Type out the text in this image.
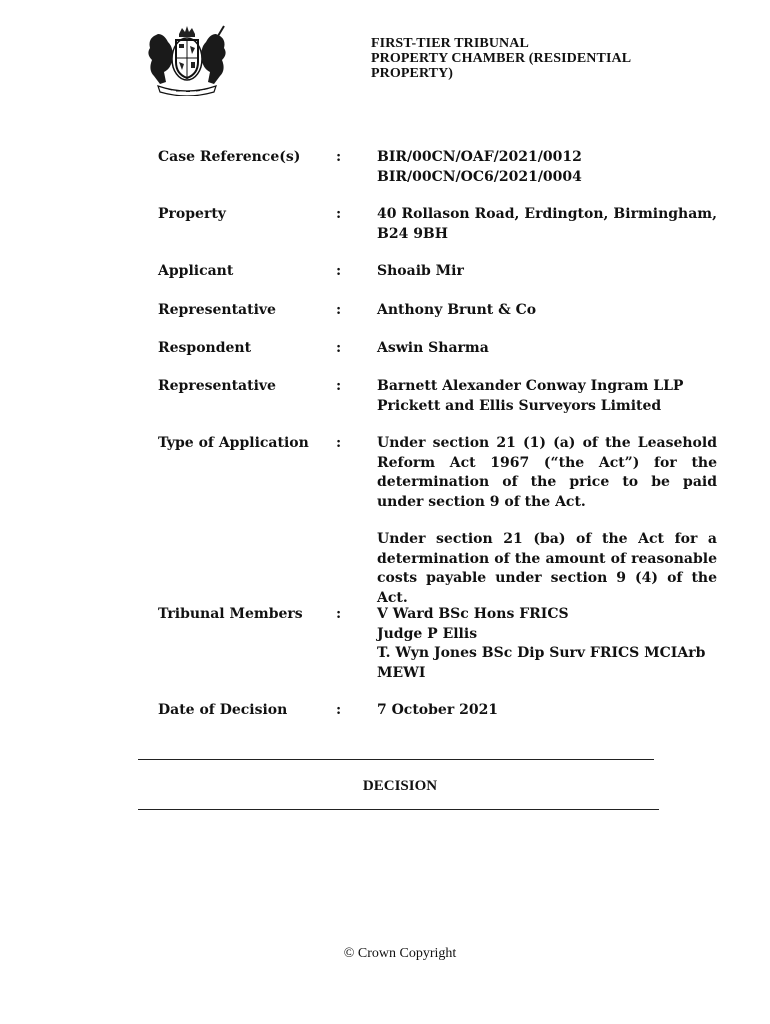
FIRST-TIER TRIBUNAL
PROPERTY CHAMBER (RESIDENTIAL
PROPERTY)
Case Reference(s)	:	BIR/00CN/OAF/2021/0012
BIR/00CN/OC6/2021/0004
Property	:	40 Rollason Road, Erdington, Birmingham, B24 9BH
Applicant	:	Shoaib Mir
Representative	:	Anthony Brunt & Co
Respondent	:	Aswin Sharma
Representative	:	Barnett Alexander Conway Ingram LLP
Prickett and Ellis Surveyors Limited
Type of Application :	Under section 21 (1) (a) of the Leasehold Reform Act 1967 (“the Act”) for the determination of the price to be paid under section 9 of the Act.
Under section 21 (ba) of the Act for a determination of the amount of reasonable costs payable under section 9 (4) of the Act.
Tribunal Members :	V Ward BSc Hons FRICS
Judge P Ellis
T. Wyn Jones BSc Dip Surv FRICS MCIArb
MEWI
Date of Decision	:	7 October 2021
DECISION
© Crown Copyright
